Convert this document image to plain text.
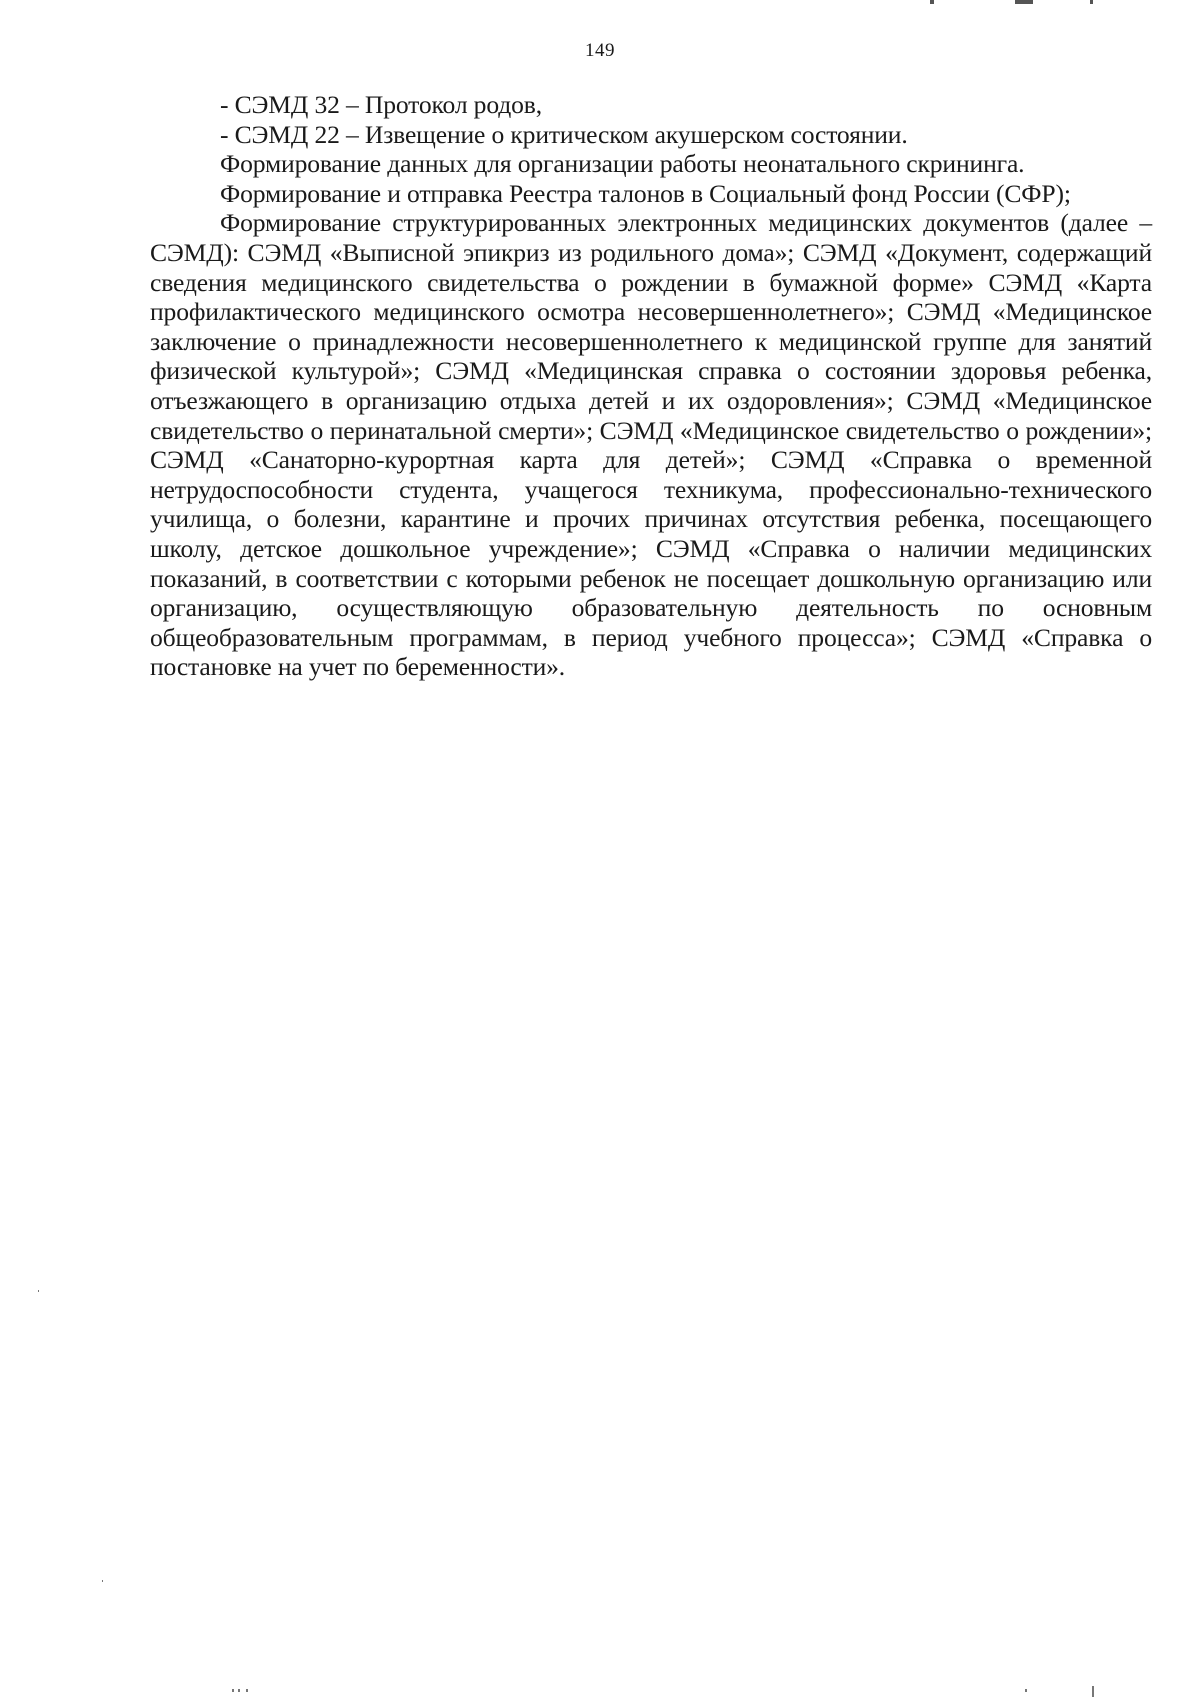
149

- СЭМД 32 – Протокол родов,

- СЭМД 22 – Извещение о критическом акушерском состоянии.

Формирование данных для организации работы неонатального скрининга.

Формирование и отправка Реестра талонов в Социальный фонд России (СФР);

Формирование структурированных электронных медицинских документов (далее – СЭМД): СЭМД «Выписной эпикриз из родильного дома»; СЭМД «Документ, содержащий сведения медицинского свидетельства о рождении в бумажной форме» СЭМД «Карта профилактического медицинского осмотра несовершеннолетнего»; СЭМД «Медицинское заключение о принадлежности несовершеннолетнего к медицинской группе для занятий физической культурой»; СЭМД «Медицинская справка о состоянии здоровья ребенка, отъезжающего в организацию отдыха детей и их оздоровления»; СЭМД «Медицинское свидетельство о перинатальной смерти»; СЭМД «Медицинское свидетельство о рождении»; СЭМД «Санаторно-курортная карта для детей»; СЭМД «Справка о временной нетрудоспособности студента, учащегося техникума, профессионально-технического училища, о болезни, карантине и прочих причинах отсутствия ребенка, посещающего школу, детское дошкольное учреждение»; СЭМД «Справка о наличии медицинских показаний, в соответствии с которыми ребенок не посещает дошкольную организацию или организацию, осуществляющую образовательную деятельность по основным общеобразовательным программам, в период учебного процесса»; СЭМД «Справка о постановке на учет по беременности».
